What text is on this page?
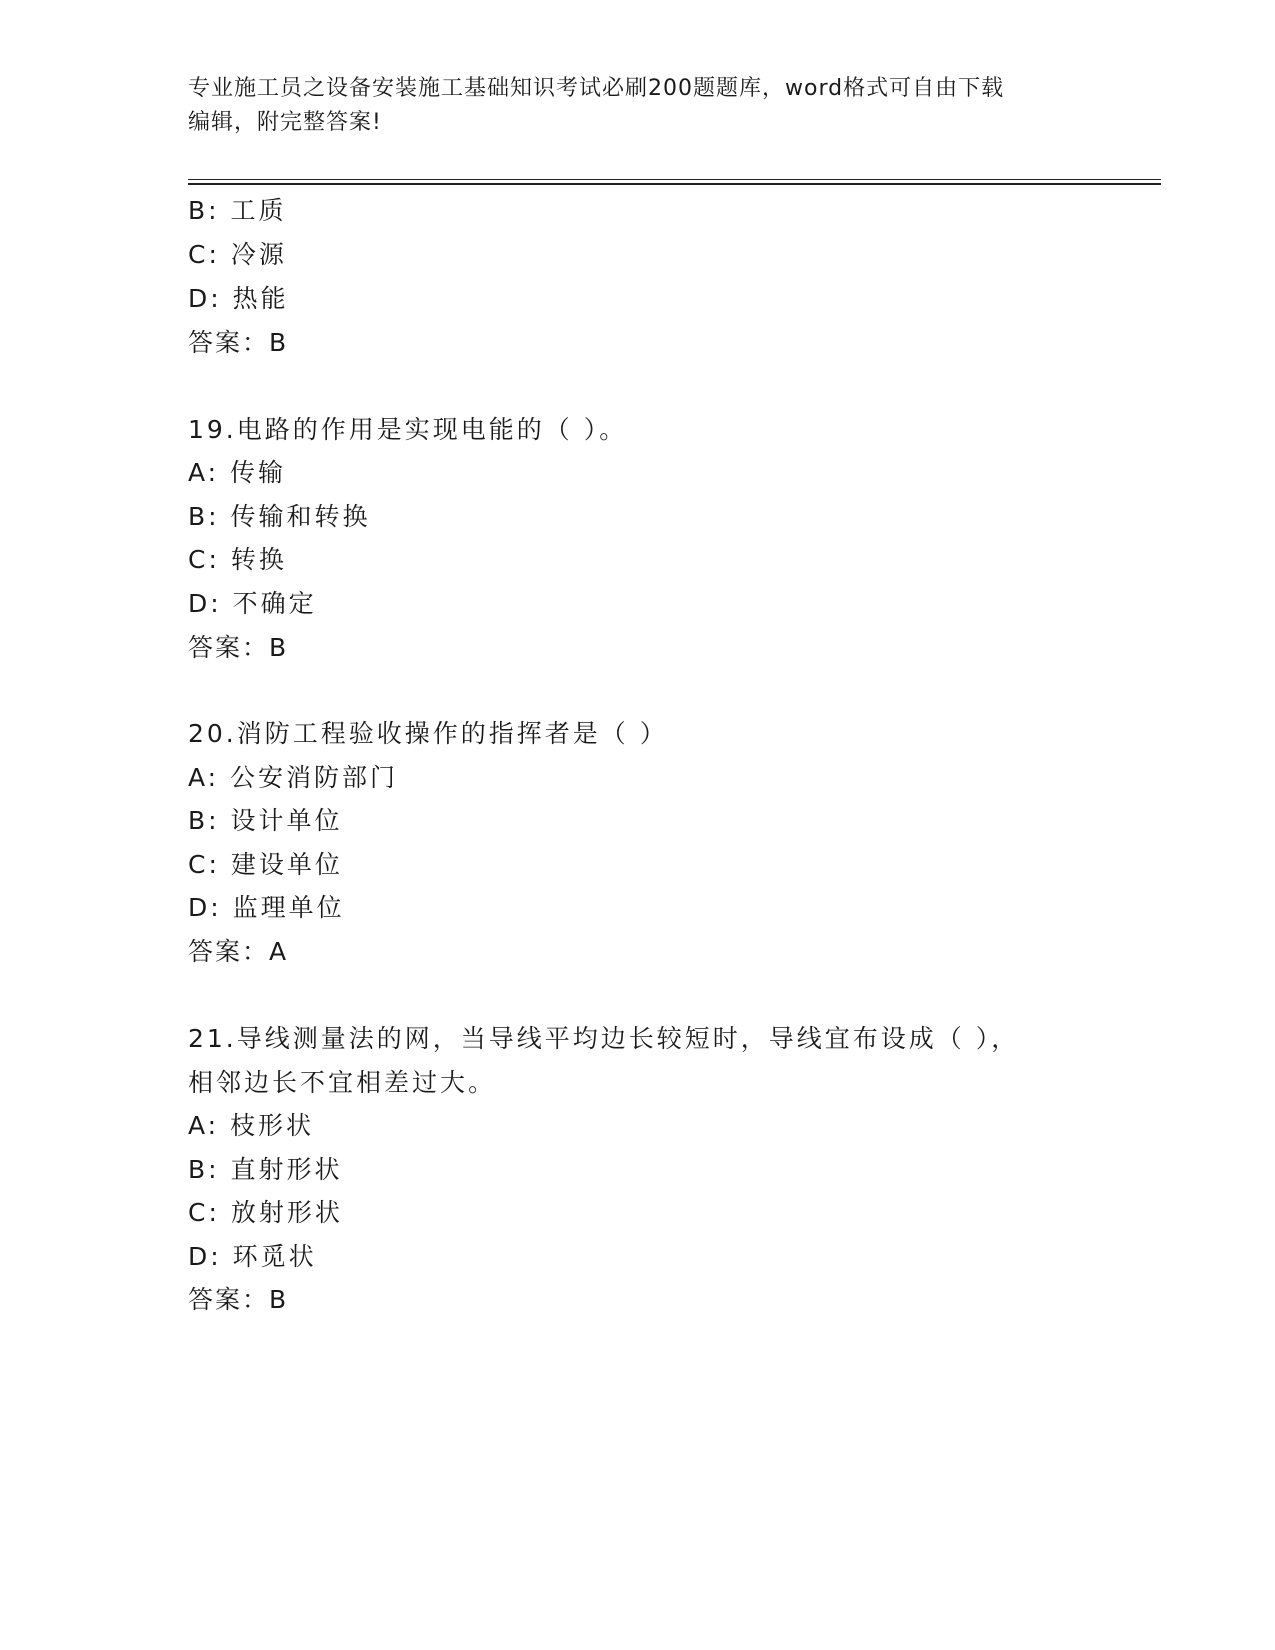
专业施工员之设备安装施工基础知识考试必刷200题题库，word格式可自由下载
编辑，附完整答案!
B: 工质
C: 冷源
D: 热能
答案：B
19.电路的作用是实现电能的（ ）。
A: 传输
B: 传输和转换
C: 转换
D: 不确定
答案：B
20.消防工程验收操作的指挥者是（ ）
A: 公安消防部门
B: 设计单位
C: 建设单位
D: 监理单位
答案：A
21.导线测量法的网，当导线平均边长较短时，导线宜布设成（ ），
相邻边长不宜相差过大。
A: 枝形状
B: 直射形状
C: 放射形状
D: 环觅状
答案：B
